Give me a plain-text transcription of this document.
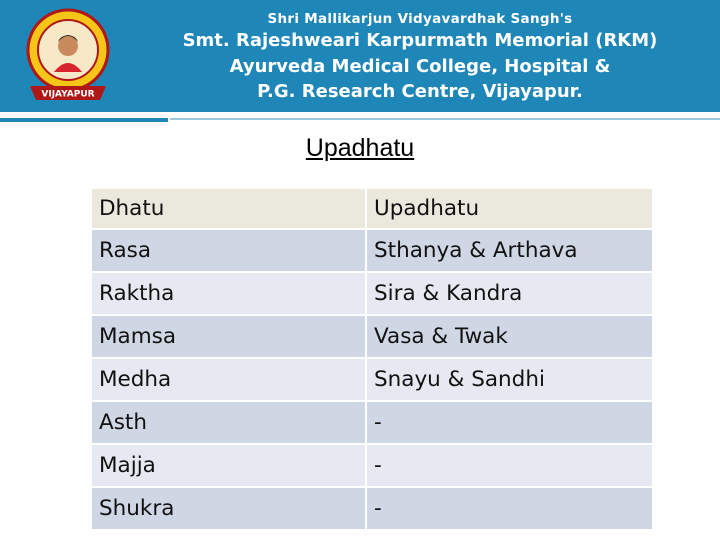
VIJAYAPUR
Shri Mallikarjun Vidyavardhak Sangh's
Smt. Rajeshweari Karpurmath Memorial (RKM)
Ayurveda Medical College, Hospital &
P.G. Research Centre, Vijayapur.
Upadhatu
Dhatu	Upadhatu
Rasa	Sthanya & Arthava
Raktha	Sira & Kandra
Mamsa	Vasa & Twak
Medha	Snayu & Sandhi
Asth	-
Majja	-
Shukra	-
